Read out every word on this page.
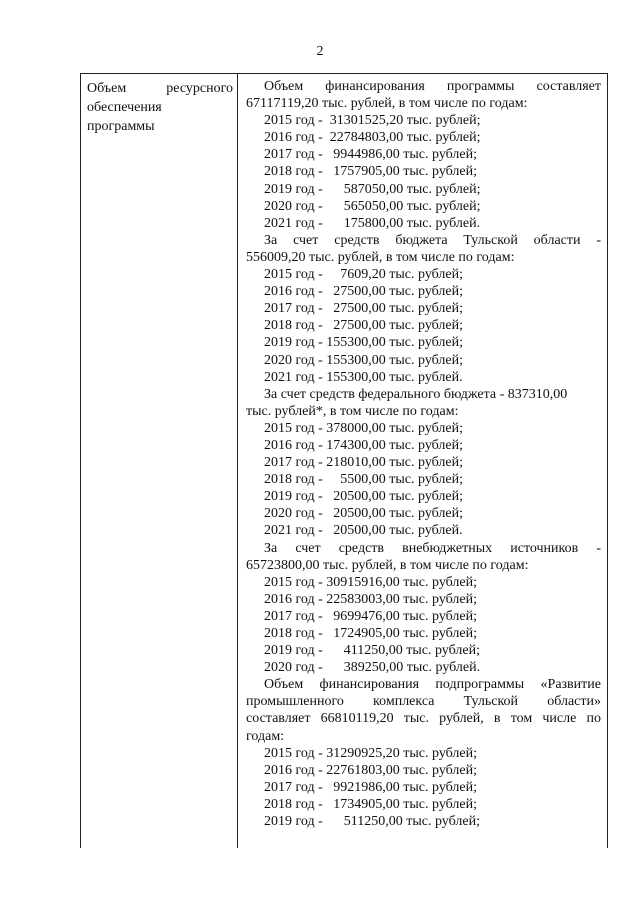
2
Объем ресурсного
обеспечения
программы

Объем финансирования программы составляет
67117119,20 тыс. рублей, в том числе по годам:
2015 год -  31301525,20 тыс. рублей;
2016 год -  22784803,00 тыс. рублей;
2017 год -   9944986,00 тыс. рублей;
2018 год -   1757905,00 тыс. рублей;
2019 год -      587050,00 тыс. рублей;
2020 год -      565050,00 тыс. рублей;
2021 год -      175800,00 тыс. рублей.
За счет средств бюджета Тульской области -
556009,20 тыс. рублей, в том числе по годам:
2015 год -     7609,20 тыс. рублей;
2016 год -   27500,00 тыс. рублей;
2017 год -   27500,00 тыс. рублей;
2018 год -   27500,00 тыс. рублей;
2019 год - 155300,00 тыс. рублей;
2020 год - 155300,00 тыс. рублей;
2021 год - 155300,00 тыс. рублей.
За счет средств федерального бюджета - 837310,00
тыс. рублей*, в том числе по годам:
2015 год - 378000,00 тыс. рублей;
2016 год - 174300,00 тыс. рублей;
2017 год - 218010,00 тыс. рублей;
2018 год -     5500,00 тыс. рублей;
2019 год -   20500,00 тыс. рублей;
2020 год -   20500,00 тыс. рублей;
2021 год -   20500,00 тыс. рублей.
За счет средств внебюджетных источников -
65723800,00 тыс. рублей, в том числе по годам:
2015 год - 30915916,00 тыс. рублей;
2016 год - 22583003,00 тыс. рублей;
2017 год -   9699476,00 тыс. рублей;
2018 год -   1724905,00 тыс. рублей;
2019 год -      411250,00 тыс. рублей;
2020 год -      389250,00 тыс. рублей.
Объем финансирования подпрограммы «Развитие
промышленного комплекса Тульской области»
составляет 66810119,20 тыс. рублей, в том числе по
годам:
2015 год - 31290925,20 тыс. рублей;
2016 год - 22761803,00 тыс. рублей;
2017 год -   9921986,00 тыс. рублей;
2018 год -   1734905,00 тыс. рублей;
2019 год -      511250,00 тыс. рублей;
